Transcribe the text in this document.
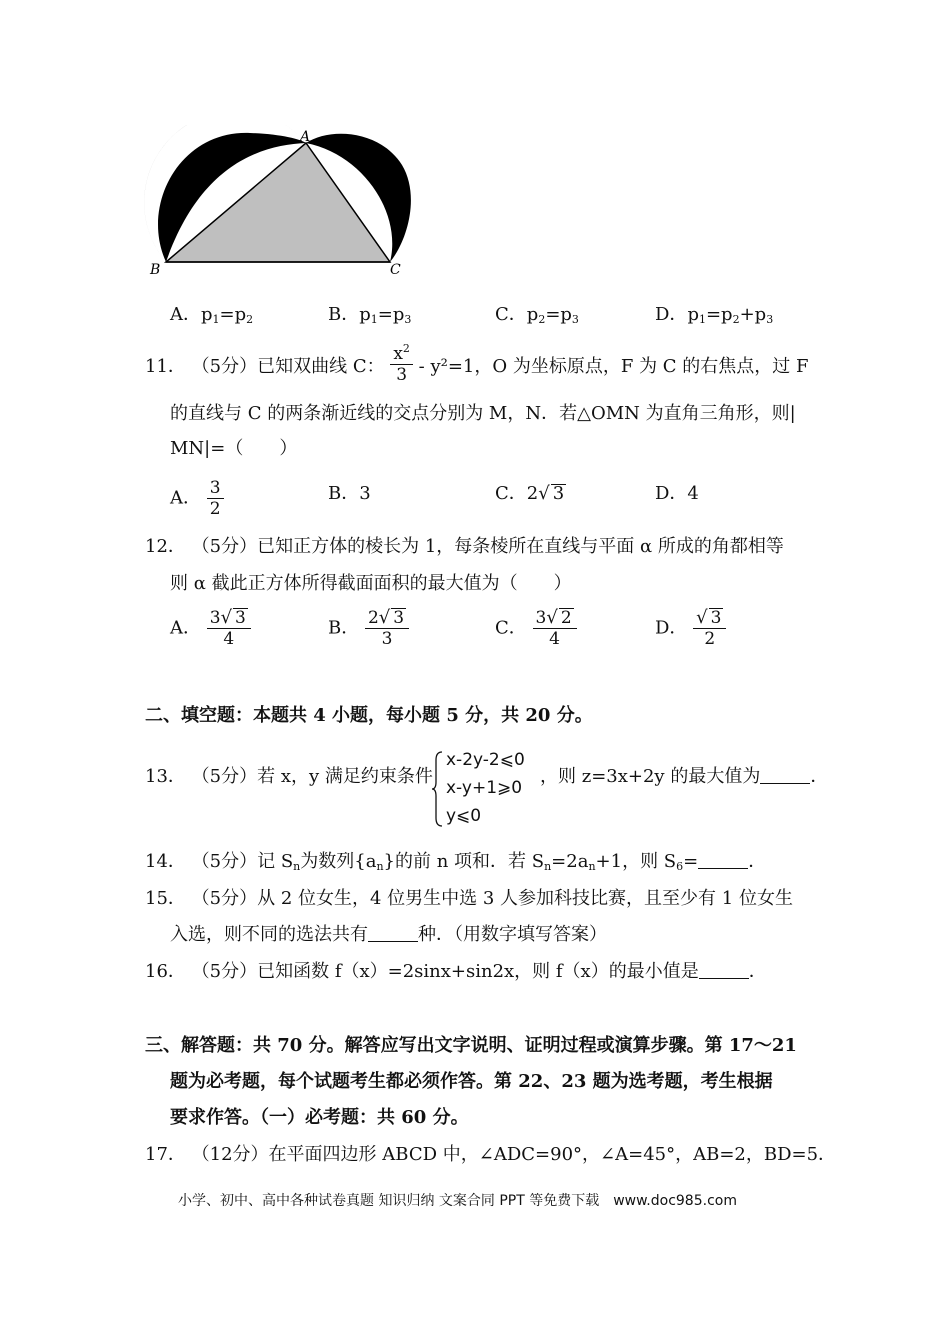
A
B	C
A．$p_1=p_2$	B．$p_1=p_3$	C．$p_2=p_3$	D．$p_1=p_2+p_3$
11． （5分）已知双曲线 C： $\frac{x^2}{3} - y^2=1$，O 为坐标原点，F 为 C 的右焦点，过 F
的直线与 C 的两条渐近线的交点分别为 M，N．若△OMN 为直角三角形，则|
MN|=（　　）
A． $\frac{3}{2}$	B．3	C．2√ 3	D．4
12． （5分）已知正方体的棱长为 1，每条棱所在直线与平面 α 所成的角都相等
则 α 截此正方体所得截面面积的最大值为（　　）
A． $\frac{3√ 3}{4}$	B． $\frac{2√ 3}{3}$	C． $\frac{3√ 2}{4}$	D． $\frac{√ 3}{2}$
二、填空题：本题共 4 小题，每小题 5 分，共 20 分。
13． （5分）若 x，y 满足约束条件
x-2y-2⩽0
x-y+1⩾0
y⩽0
，则 z=3x+2y 的最大值为	．
14． （5分）记 $S_n$为数列$\{a_n\}$的前 n 项和．若 $S_n=2a_n+1$，则 $S_6=$	．
15． （5分）从 2 位女生，4 位男生中选 3 人参加科技比赛，且至少有 1 位女生
入选，则不同的选法共有	种．（用数字填写答案）
16． （5分）已知函数 f（x）=2sinx+sin2x，则 f（x）的最小值是	．
三、解答题：共 70 分。解答应写出文字说明、证明过程或演算步骤。第 17～21
题为必考题，每个试题考生都必须作答。第 22、23 题为选考题，考生根据
要求作答。（一）必考题：共 60 分。
17． （12分）在平面四边形 ABCD 中，∠ADC=90°，∠A=45°，AB=2，BD=5．
小学、初中、高中各种试卷真题 知识归纳 文案合同 PPT 等免费下载　www.doc985.com
